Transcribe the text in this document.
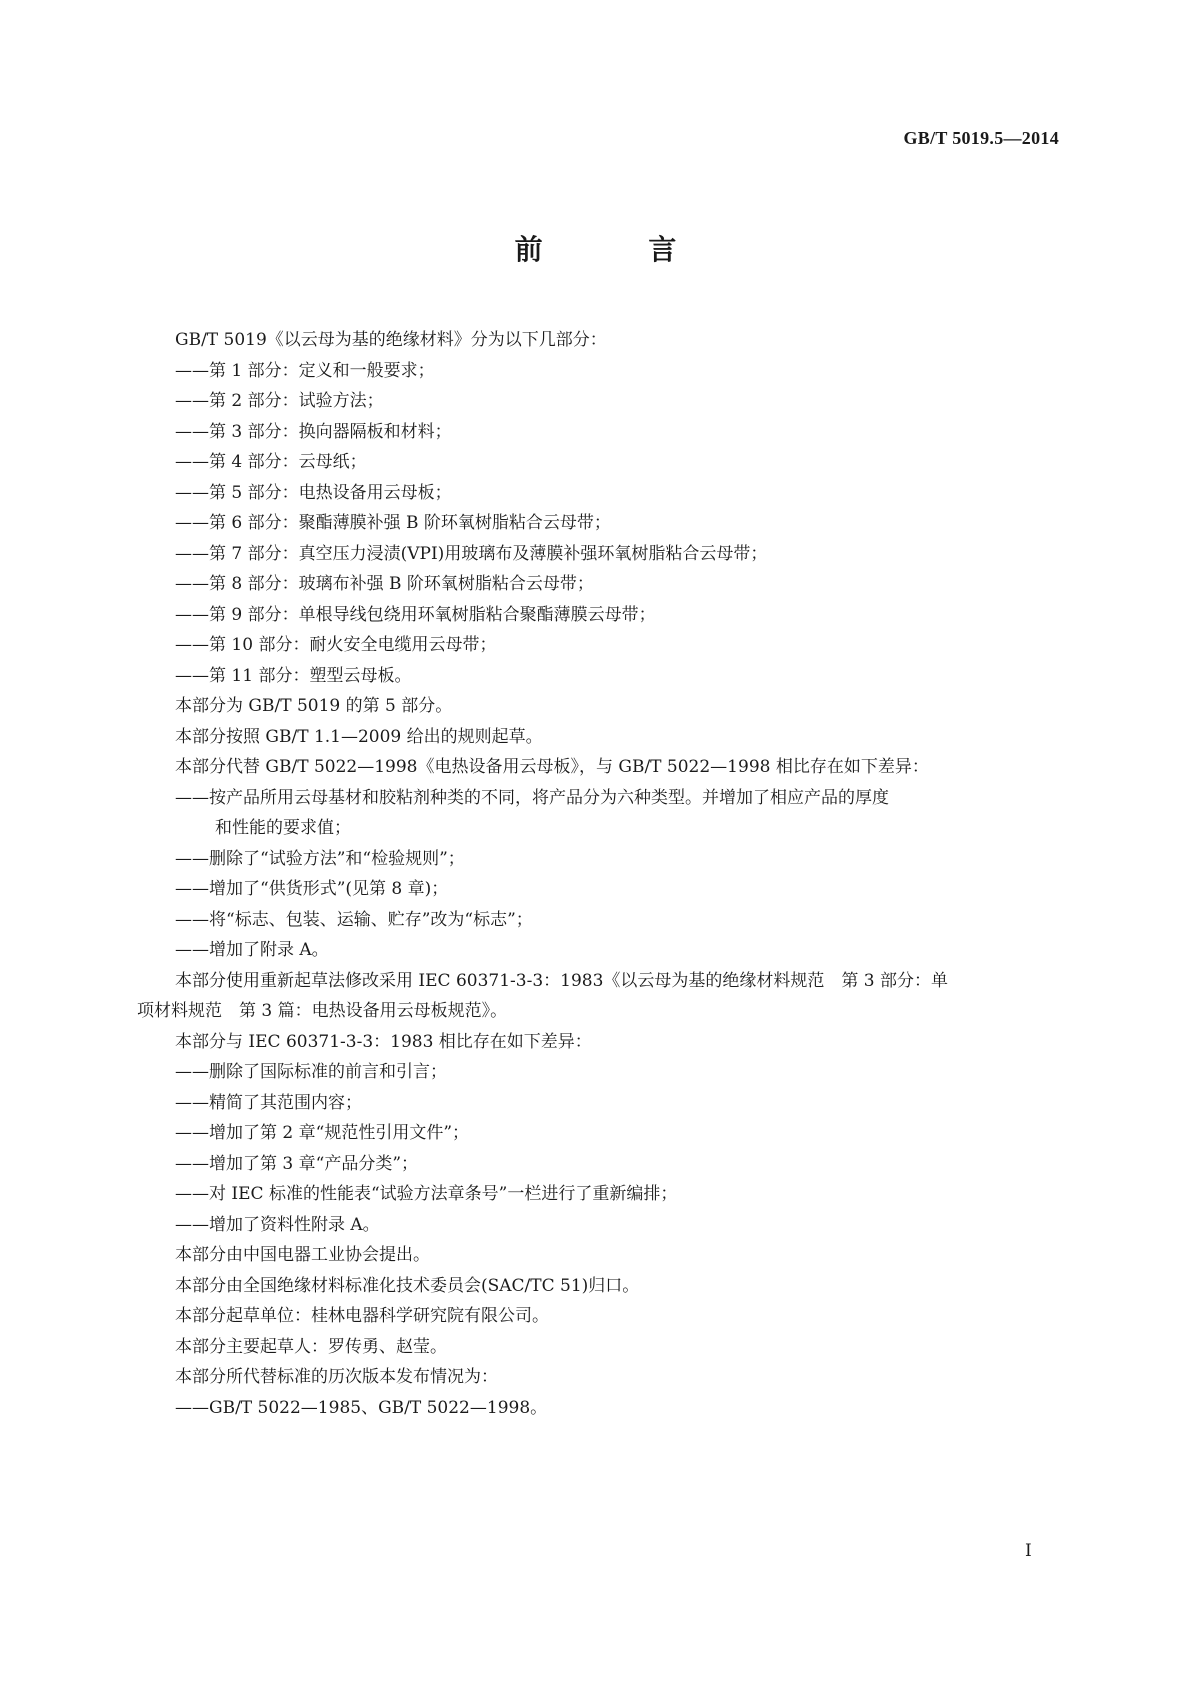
GB/T 5019.5—2014
前 言
GB/T 5019《以云母为基的绝缘材料》分为以下几部分：
——第 1 部分：定义和一般要求；
——第 2 部分：试验方法；
——第 3 部分：换向器隔板和材料；
——第 4 部分：云母纸；
——第 5 部分：电热设备用云母板；
——第 6 部分：聚酯薄膜补强 B 阶环氧树脂粘合云母带；
——第 7 部分：真空压力浸渍(VPI)用玻璃布及薄膜补强环氧树脂粘合云母带；
——第 8 部分：玻璃布补强 B 阶环氧树脂粘合云母带；
——第 9 部分：单根导线包绕用环氧树脂粘合聚酯薄膜云母带；
——第 10 部分：耐火安全电缆用云母带；
——第 11 部分：塑型云母板。
本部分为 GB/T 5019 的第 5 部分。
本部分按照 GB/T 1.1—2009 给出的规则起草。
本部分代替 GB/T 5022—1998《电热设备用云母板》，与 GB/T 5022—1998 相比存在如下差异：
——按产品所用云母基材和胶粘剂种类的不同，将产品分为六种类型。并增加了相应产品的厚度
和性能的要求值；
——删除了“试验方法”和“检验规则”；
——增加了“供货形式”(见第 8 章)；
——将“标志、包装、运输、贮存”改为“标志”；
——增加了附录 A。
本部分使用重新起草法修改采用 IEC 60371-3-3：1983《以云母为基的绝缘材料规范　第 3 部分：单
项材料规范　第 3 篇：电热设备用云母板规范》。
本部分与 IEC 60371-3-3：1983 相比存在如下差异：
——删除了国际标准的前言和引言；
——精简了其范围内容；
——增加了第 2 章“规范性引用文件”；
——增加了第 3 章“产品分类”；
——对 IEC 标准的性能表“试验方法章条号”一栏进行了重新编排；
——增加了资料性附录 A。
本部分由中国电器工业协会提出。
本部分由全国绝缘材料标准化技术委员会(SAC/TC 51)归口。
本部分起草单位：桂林电器科学研究院有限公司。
本部分主要起草人：罗传勇、赵莹。
本部分所代替标准的历次版本发布情况为：
——GB/T 5022—1985、GB/T 5022—1998。
I
